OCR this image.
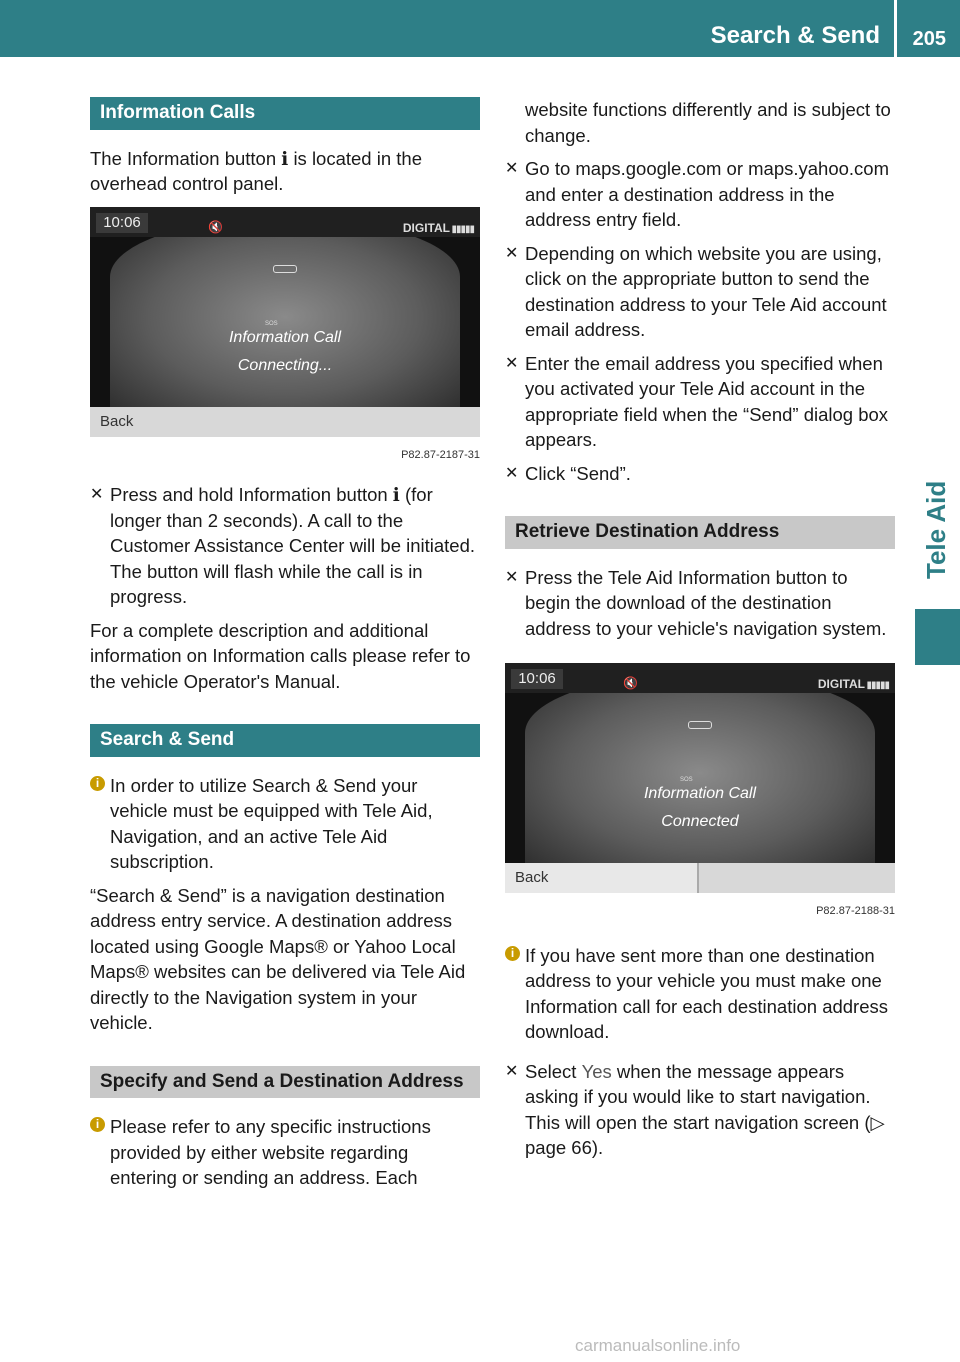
Search & Send 205
Tele Aid
Information Calls

The Information button ℹ is located in the overhead control panel.

SOS
10:06	🔇	DIGITAL ▮▮▮▮▮
Information Call
Connecting...
Back
P82.87-2187-31
✕ Press and hold Information button ℹ (for longer than 2 seconds). A call to the Customer Assistance Center will be initiated. The button will flash while the call is in progress.

For a complete description and additional information on Information calls please refer to the vehicle Operator's Manual.

Search & Send
i In order to utilize Search & Send your vehicle must be equipped with Tele Aid, Navigation, and an active Tele Aid subscription.

“Search & Send” is a navigation destination address entry service. A destination address located using Google Maps® or Yahoo Local Maps® websites can be delivered via Tele Aid directly to the Navigation system in your vehicle.

Specify and Send a Destination Address
i Please refer to any specific instructions provided by either website regarding entering or sending an address. Each

website functions differently and is subject to change.

✕ Go to maps.google.com or maps.yahoo.com and enter a destination address in the address entry field.
✕ Depending on which website you are using, click on the appropriate button to send the destination address to your Tele Aid account email address.
✕ Enter the email address you specified when you activated your Tele Aid account in the appropriate field when the “Send” dialog box appears.
✕ Click “Send”.
Retrieve Destination Address
✕ Press the Tele Aid Information button to begin the download of the destination address to your vehicle's navigation system.
SOS
10:06	🔇	DIGITAL ▮▮▮▮▮
Information Call
Connected
Back
P82.87-2188-31
i If you have sent more than one destination address to your vehicle you must make one Information call for each destination address download.
✕ Select Yes when the message appears asking if you would like to start navigation. This will open the start navigation screen (▷ page 66).
carmanualsonline.info
